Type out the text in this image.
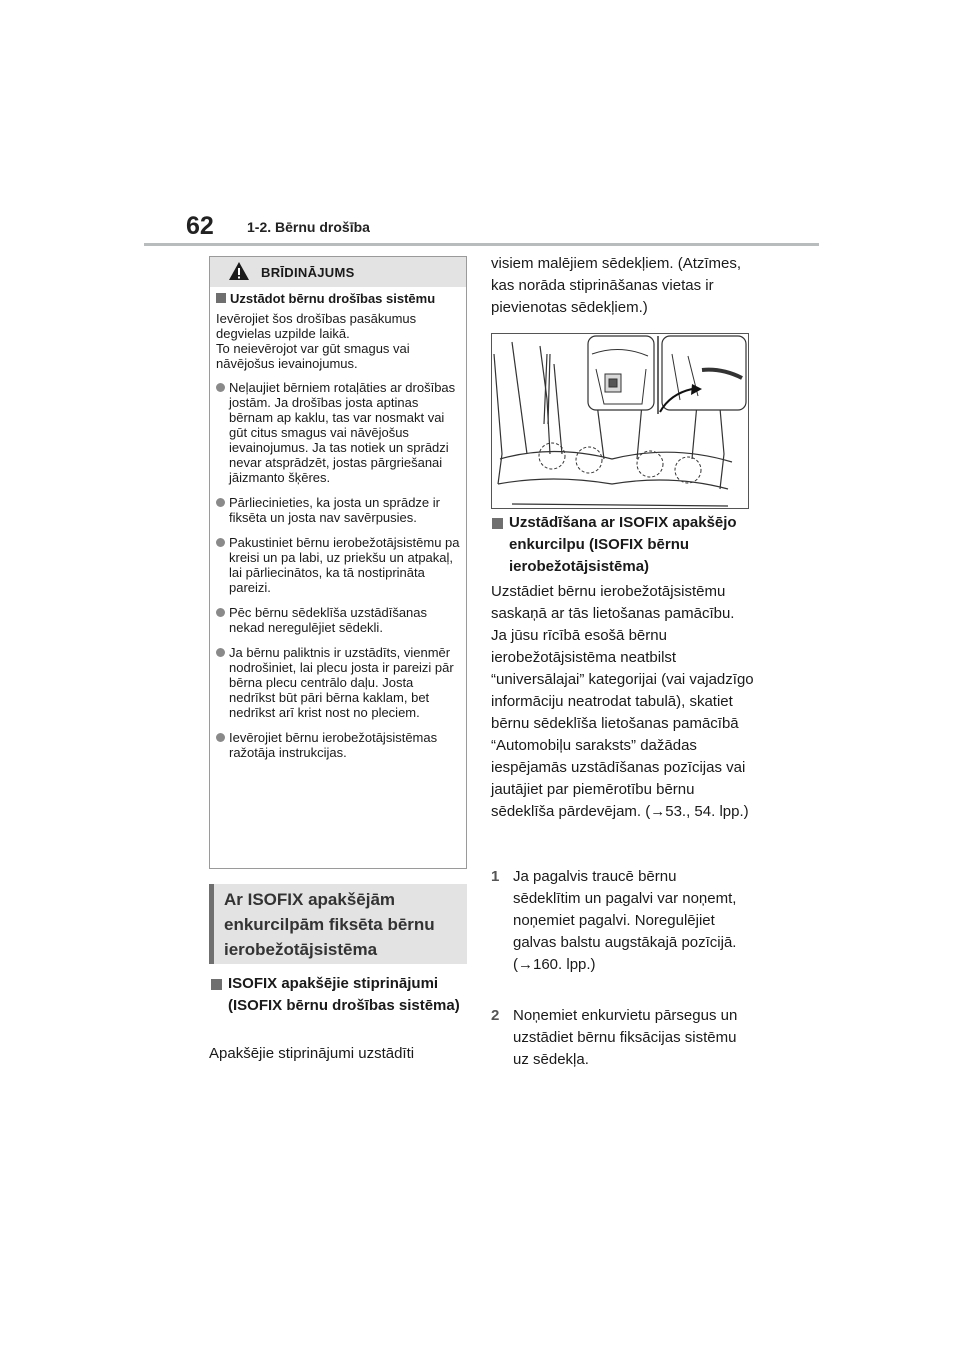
62 1-2. Bērnu drošība
BRĪDINĀJUMS
Uzstādot bērnu drošības sistēmu
Ievērojiet šos drošības pasākumus degvielas uzpilde laikā.
To neievērojot var gūt smagus vai nāvējošus ievainojumus.
Neļaujiet bērniem rotaļāties ar drošības jostām. Ja drošības josta aptinas bērnam ap kaklu, tas var nosmakt vai gūt citus smagus vai nāvējošus ievainojumus. Ja tas notiek un sprādzi nevar atsprādzēt, jostas pārgriešanai jāizmanto šķēres.
Pārliecinieties, ka josta un sprādze ir fiksēta un josta nav savērpusies.
Pakustiniet bērnu ierobežotājsistēmu pa kreisi un pa labi, uz priekšu un atpakaļ, lai pārliecinātos, ka tā nostiprināta pareizi.
Pēc bērnu sēdeklīša uzstādīšanas nekad neregulējiet sēdekli.
Ja bērnu paliktnis ir uzstādīts, vienmēr nodrošiniet, lai plecu josta ir pareizi pār bērna plecu centrālo daļu. Josta nedrīkst būt pāri bērna kaklam, bet nedrīkst arī krist nost no pleciem.
Ievērojiet bērnu ierobežotājsistēmas ražotāja instrukcijas.
Ar ISOFIX apakšējām enkurcilpām fiksēta bērnu ierobežotājsistēma
ISOFIX apakšējie stiprinājumi (ISOFIX bērnu drošības sistēma)
Apakšējie stiprinājumi uzstādīti
visiem malējiem sēdekļiem. (Atzīmes, kas norāda stiprināšanas vietas ir pievienotas sēdekļiem.)
Uzstādīšana ar ISOFIX apakšējo enkurcilpu (ISOFIX bērnu ierobežotājsistēma)
Uzstādiet bērnu ierobežotājsistēmu saskaņā ar tās lietošanas pamācību.
Ja jūsu rīcībā esošā bērnu ierobežotājsistēma neatbilst “universālajai” kategorijai (vai vajadzīgo informāciju neatrodat tabulā), skatiet bērnu sēdeklīša lietošanas pamācībā “Automobiļu saraksts” dažādas iespējamās uzstādīšanas pozīcijas vai jautājiet par piemērotību bērnu sēdeklīša pārdevējam. (→53., 54. lpp.)
1 Ja pagalvis traucē bērnu sēdeklītim un pagalvi var noņemt, noņemiet pagalvi. Noregulējiet galvas balstu augstākajā pozīcijā. (→160. lpp.)
2 Noņemiet enkurvietu pārsegus un uzstādiet bērnu fiksācijas sistēmu uz sēdekļa.
